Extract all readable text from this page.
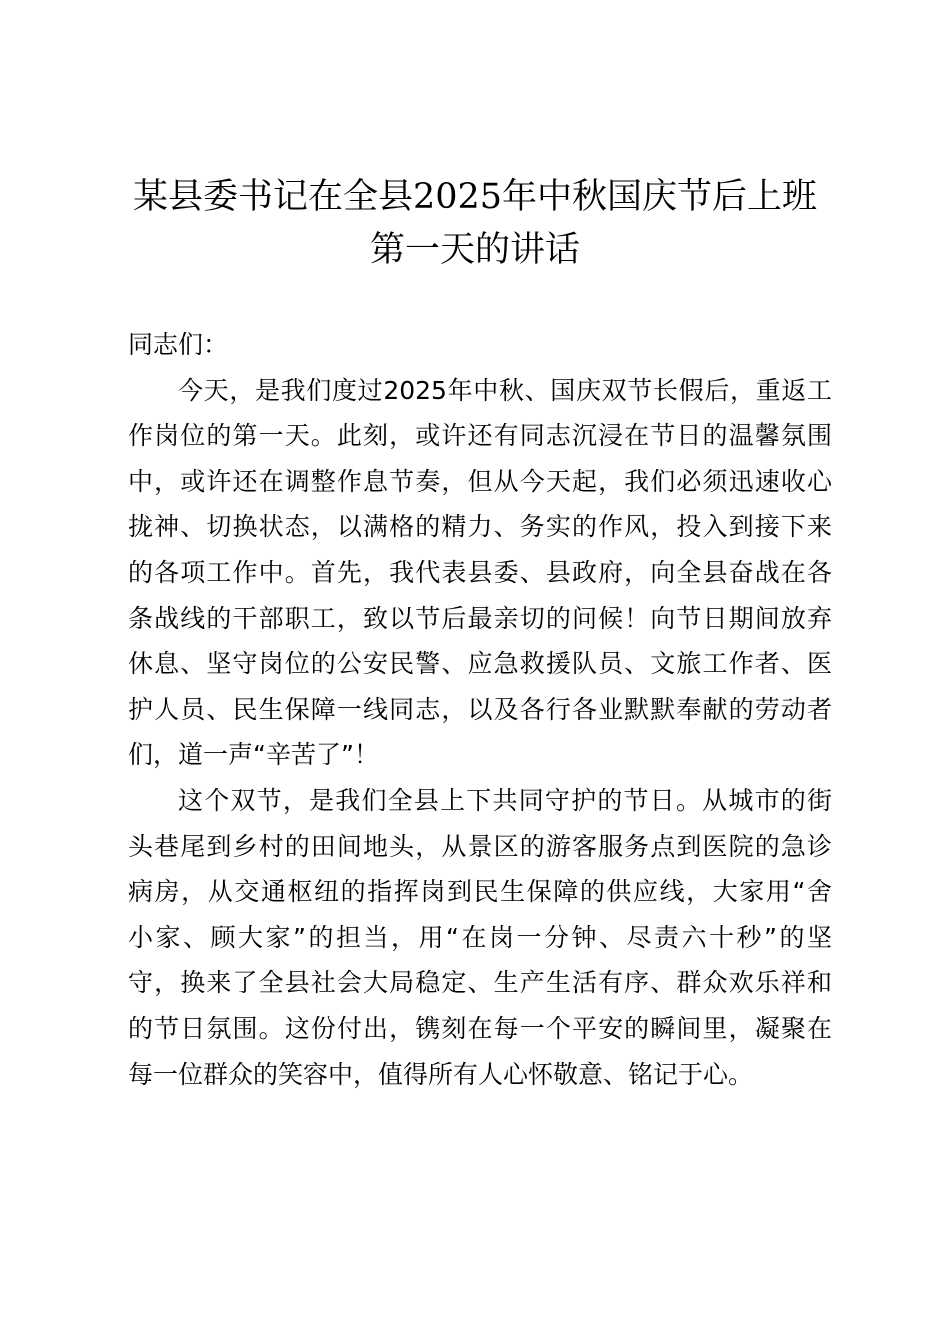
某县委书记在全县2025年中秋国庆节后上班
第一天的讲话

同志们：

今天，是我们度过2025年中秋、国庆双节长假后，重返工
作岗位的第一天。此刻，或许还有同志沉浸在节日的温馨氛围
中，或许还在调整作息节奏，但从今天起，我们必须迅速收心
拢神、切换状态，以满格的精力、务实的作风，投入到接下来
的各项工作中。首先，我代表县委、县政府，向全县奋战在各
条战线的干部职工，致以节后最亲切的问候！向节日期间放弃
休息、坚守岗位的公安民警、应急救援队员、文旅工作者、医
护人员、民生保障一线同志，以及各行各业默默奉献的劳动者
们，道一声“辛苦了”！
这个双节，是我们全县上下共同守护的节日。从城市的街
头巷尾到乡村的田间地头，从景区的游客服务点到医院的急诊
病房，从交通枢纽的指挥岗到民生保障的供应线，大家用“舍
小家、顾大家”的担当，用“在岗一分钟、尽责六十秒”的坚
守，换来了全县社会大局稳定、生产生活有序、群众欢乐祥和
的节日氛围。这份付出，镌刻在每一个平安的瞬间里，凝聚在
每一位群众的笑容中，值得所有人心怀敬意、铭记于心。
